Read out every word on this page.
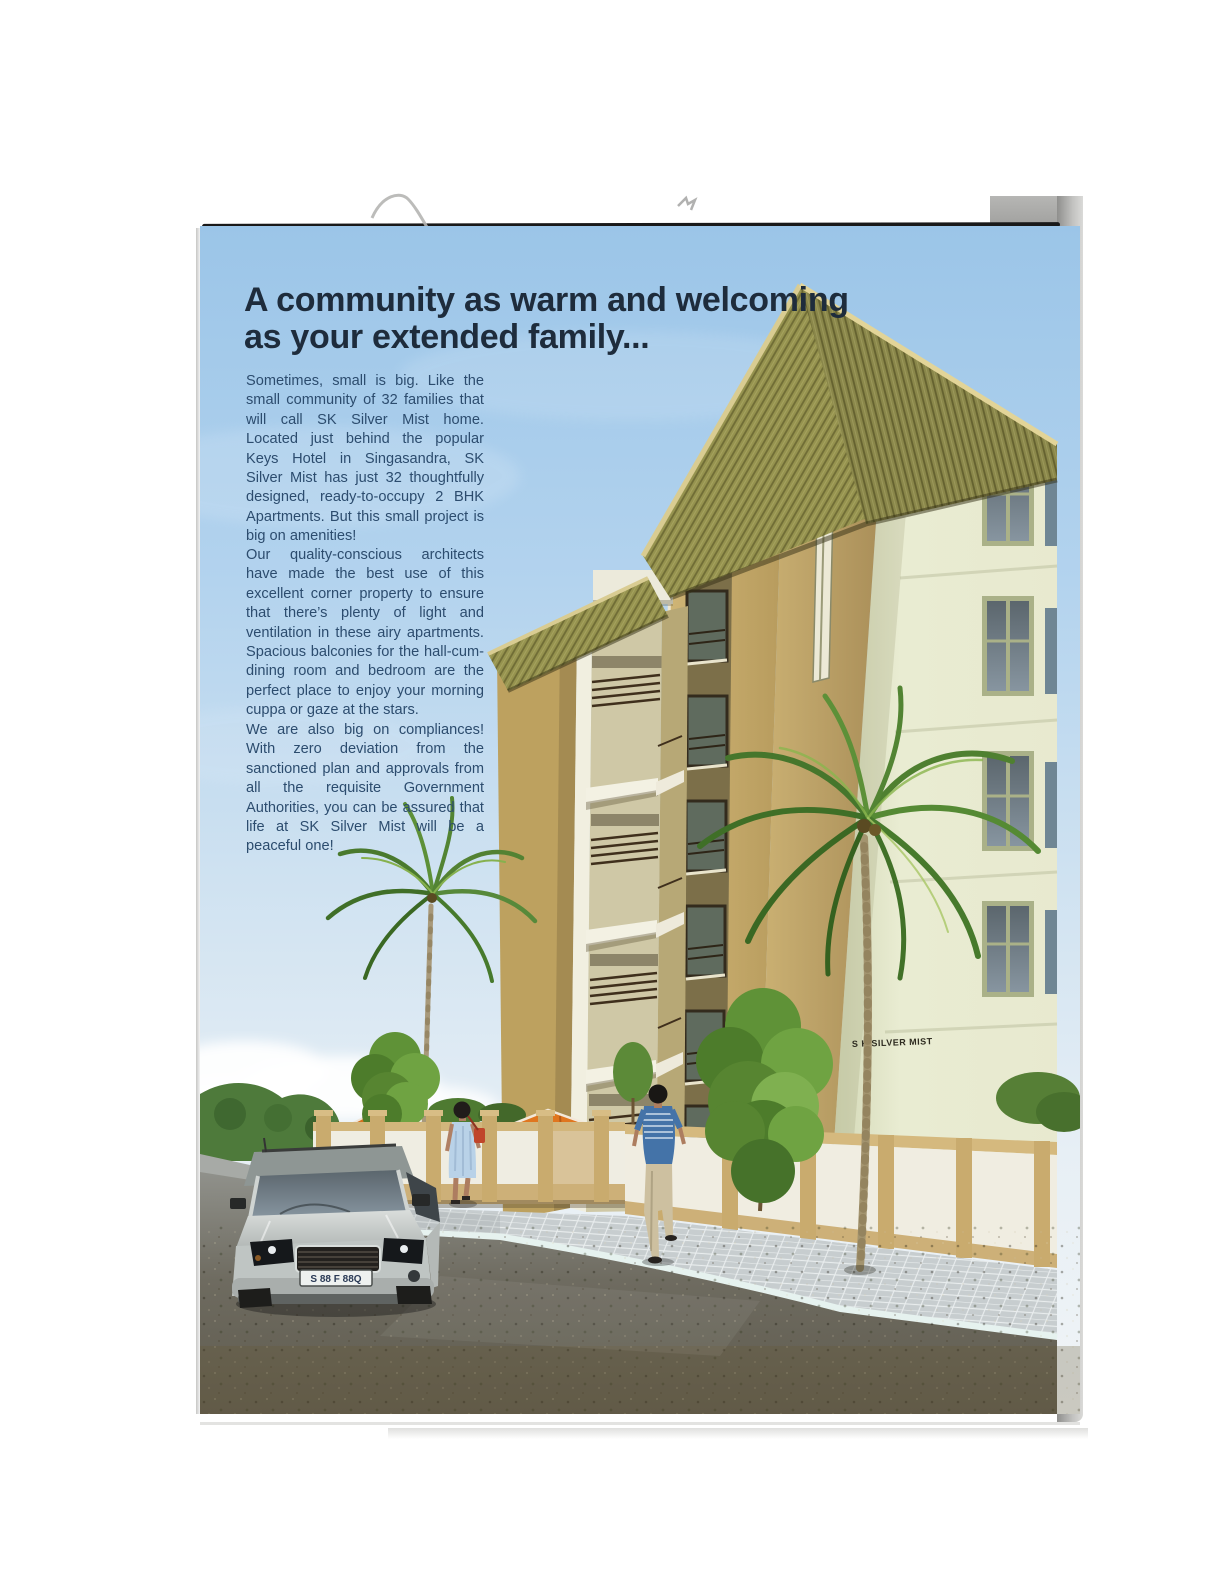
S K SILVER MIST
S 88 F 88Q
A community as warm and welcoming
as your extended family...
Sometimes, small is big. Like the small community of 32 families that will call SK Silver Mist home. Located just behind the popular Keys Hotel in Singasandra, SK Silver Mist has just 32 thoughtfully designed, ready-to-occupy 2 BHK Apartments. But this small project is big on amenities!
Our quality-conscious architects have made the best use of this excellent corner property to ensure that there’s plenty of light and ventilation in these airy apartments. Spacious balconies for the hall-cum-dining room and bedroom are the perfect place to enjoy your morning cuppa or gaze at the stars.
We are also big on compliances! With zero deviation from the sanctioned plan and approvals from all the requisite Government Authorities, you can be assured that life at SK Silver Mist will be a peaceful one!
